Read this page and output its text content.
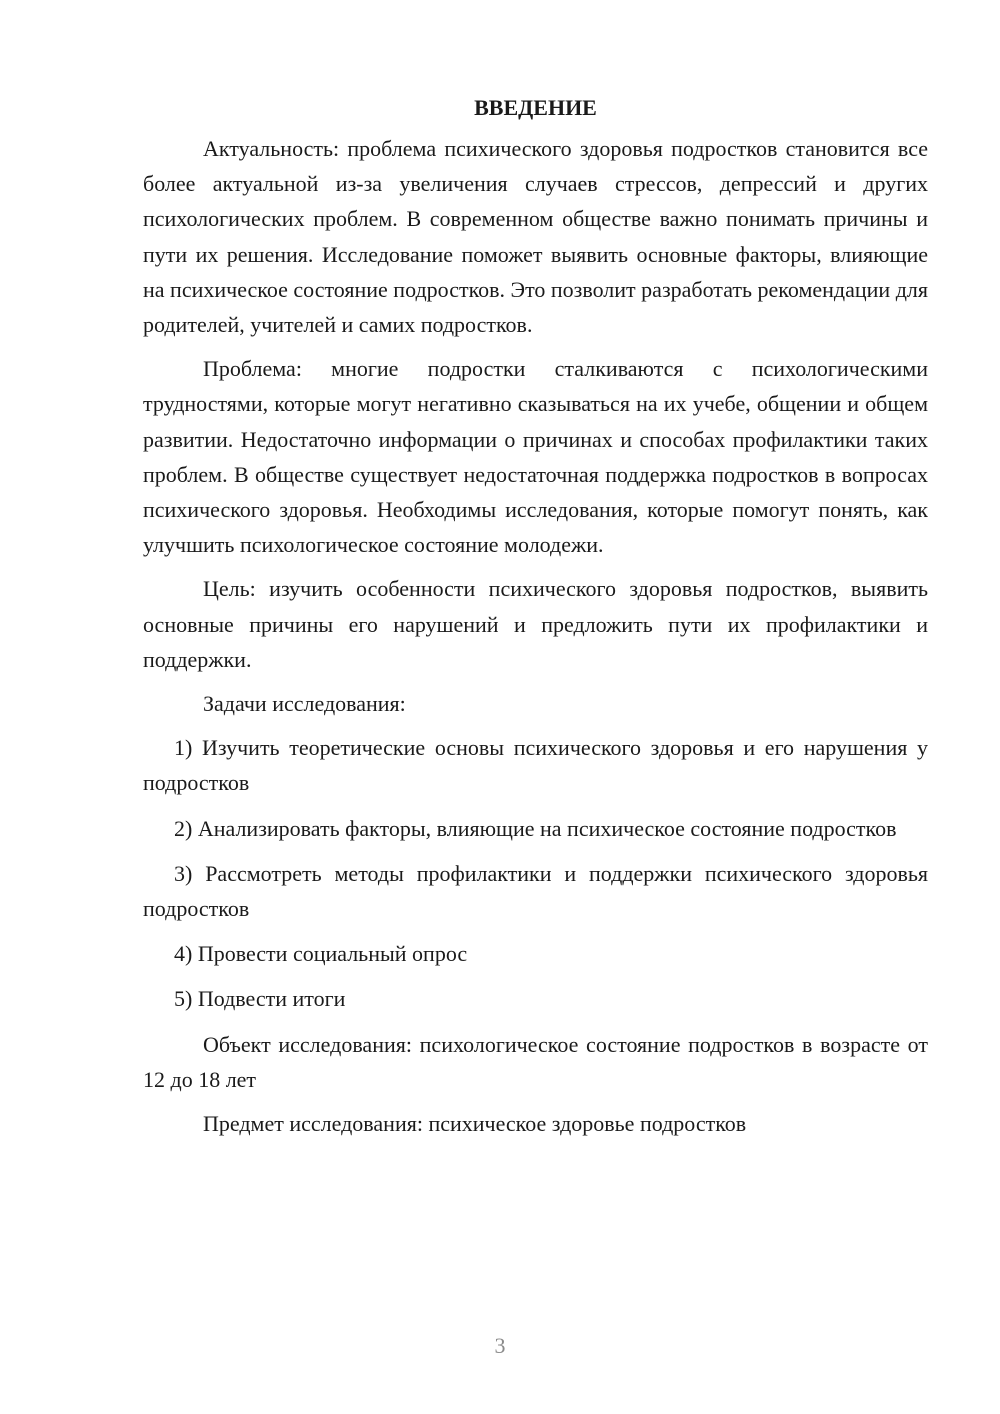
ВВЕДЕНИЕ

Актуальность: проблема психического здоровья подростков становится все более актуальной из-за увеличения случаев стрессов, депрессий и других психологических проблем. В современном обществе важно понимать причины и пути их решения. Исследование поможет выявить основные факторы, влияющие на психическое состояние подростков. Это позволит разработать рекомендации для родителей, учителей и самих подростков.

Проблема: многие подростки сталкиваются с психологическими трудностями, которые могут негативно сказываться на их учебе, общении и общем развитии. Недостаточно информации о причинах и способах профилактики таких проблем. В обществе существует недостаточная поддержка подростков в вопросах психического здоровья. Необходимы исследования, которые помогут понять, как улучшить психологическое состояние молодежи.

Цель: изучить особенности психического здоровья подростков, выявить основные причины его нарушений и предложить пути их профилактики и поддержки.

Задачи исследования:

1) Изучить теоретические основы психического здоровья и его нарушения у подростков

2) Анализировать факторы, влияющие на психическое состояние подростков

3) Рассмотреть методы профилактики и поддержки психического здоровья подростков

4) Провести социальный опрос

5) Подвести итоги

Объект исследования: психологическое состояние подростков в возрасте от 12 до 18 лет

Предмет исследования: психическое здоровье подростков

3
